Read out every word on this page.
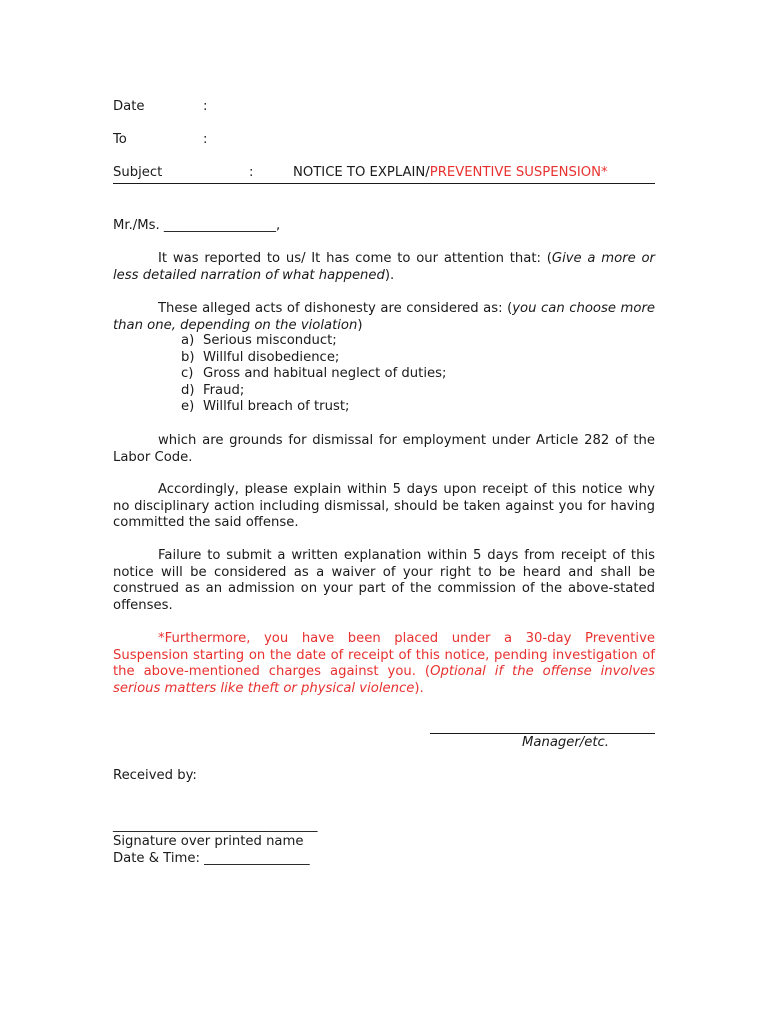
Date	:
To	:
Subject	:	NOTICE TO EXPLAIN/PREVENTIVE SUSPENSION*
Mr./Ms. _________________,
It was reported to us/ It has come to our attention that: (Give a more or less detailed narration of what happened).
These alleged acts of dishonesty are considered as: (you can choose more than one, depending on the violation)
a) Serious misconduct;
b) Willful disobedience;
c) Gross and habitual neglect of duties;
d) Fraud;
e) Willful breach of trust;
which are grounds for dismissal for employment under Article 282 of the Labor Code.
Accordingly, please explain within 5 days upon receipt of this notice why no disciplinary action including dismissal, should be taken against you for having committed the said offense.
Failure to submit a written explanation within 5 days from receipt of this notice will be considered as a waiver of your right to be heard and shall be construed as an admission on your part of the commission of the above-stated offenses.
*Furthermore, you have been placed under a 30-day Preventive Suspension starting on the date of receipt of this notice, pending investigation of the above-mentioned charges against you. (Optional if the offense involves serious matters like theft or physical violence).
Manager/etc.
Received by:
_______________________________
Signature over printed name
Date & Time: ________________
